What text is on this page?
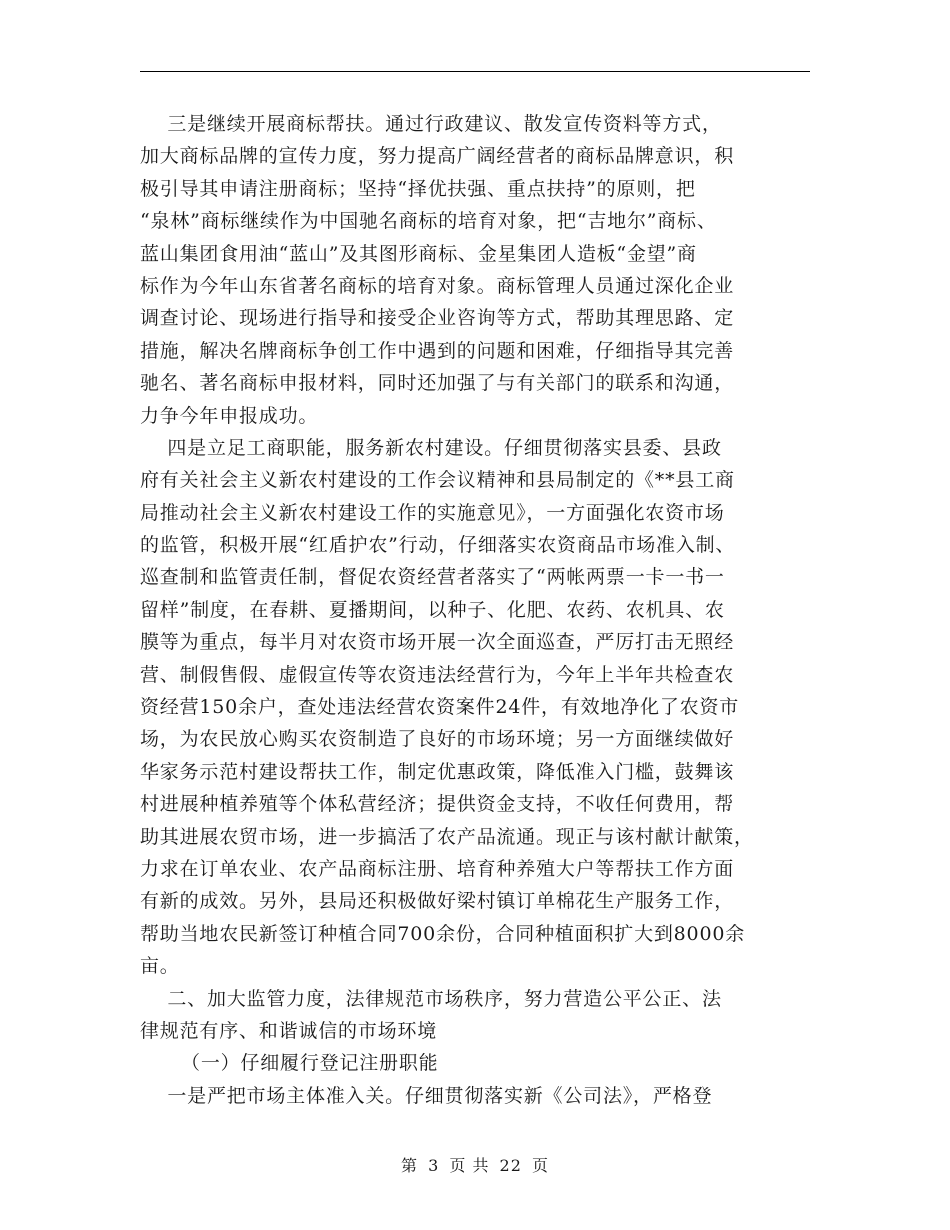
三是继续开展商标帮扶。通过行政建议、散发宣传资料等方式，
加大商标品牌的宣传力度，努力提高广阔经营者的商标品牌意识，积
极引导其申请注册商标；坚持“择优扶强、重点扶持”的原则，把
“泉林”商标继续作为中国驰名商标的培育对象，把“吉地尔”商标、
蓝山集团食用油“蓝山”及其图形商标、金星集团人造板“金望”商
标作为今年山东省著名商标的培育对象。商标管理人员通过深化企业
调查讨论、现场进行指导和接受企业咨询等方式，帮助其理思路、定
措施，解决名牌商标争创工作中遇到的问题和困难，仔细指导其完善
驰名、著名商标申报材料，同时还加强了与有关部门的联系和沟通，
力争今年申报成功。
四是立足工商职能，服务新农村建设。仔细贯彻落实县委、县政
府有关社会主义新农村建设的工作会议精神和县局制定的《**县工商
局推动社会主义新农村建设工作的实施意见》，一方面强化农资市场
的监管，积极开展“红盾护农”行动，仔细落实农资商品市场准入制、
巡查制和监管责任制，督促农资经营者落实了“两帐两票一卡一书一
留样”制度，在春耕、夏播期间，以种子、化肥、农药、农机具、农
膜等为重点，每半月对农资市场开展一次全面巡查，严厉打击无照经
营、制假售假、虚假宣传等农资违法经营行为，今年上半年共检查农
资经营150余户，查处违法经营农资案件24件，有效地净化了农资市
场，为农民放心购买农资制造了良好的市场环境；另一方面继续做好
华家务示范村建设帮扶工作，制定优惠政策，降低准入门槛，鼓舞该
村进展种植养殖等个体私营经济；提供资金支持，不收任何费用，帮
助其进展农贸市场，进一步搞活了农产品流通。现正与该村献计献策，
力求在订单农业、农产品商标注册、培育种养殖大户等帮扶工作方面
有新的成效。另外，县局还积极做好梁村镇订单棉花生产服务工作，
帮助当地农民新签订种植合同700余份，合同种植面积扩大到8000余
亩。
二、加大监管力度，法律规范市场秩序，努力营造公平公正、法
律规范有序、和谐诚信的市场环境
（一）仔细履行登记注册职能
一是严把市场主体准入关。仔细贯彻落实新《公司法》，严格登
第 3 页 共 22 页
